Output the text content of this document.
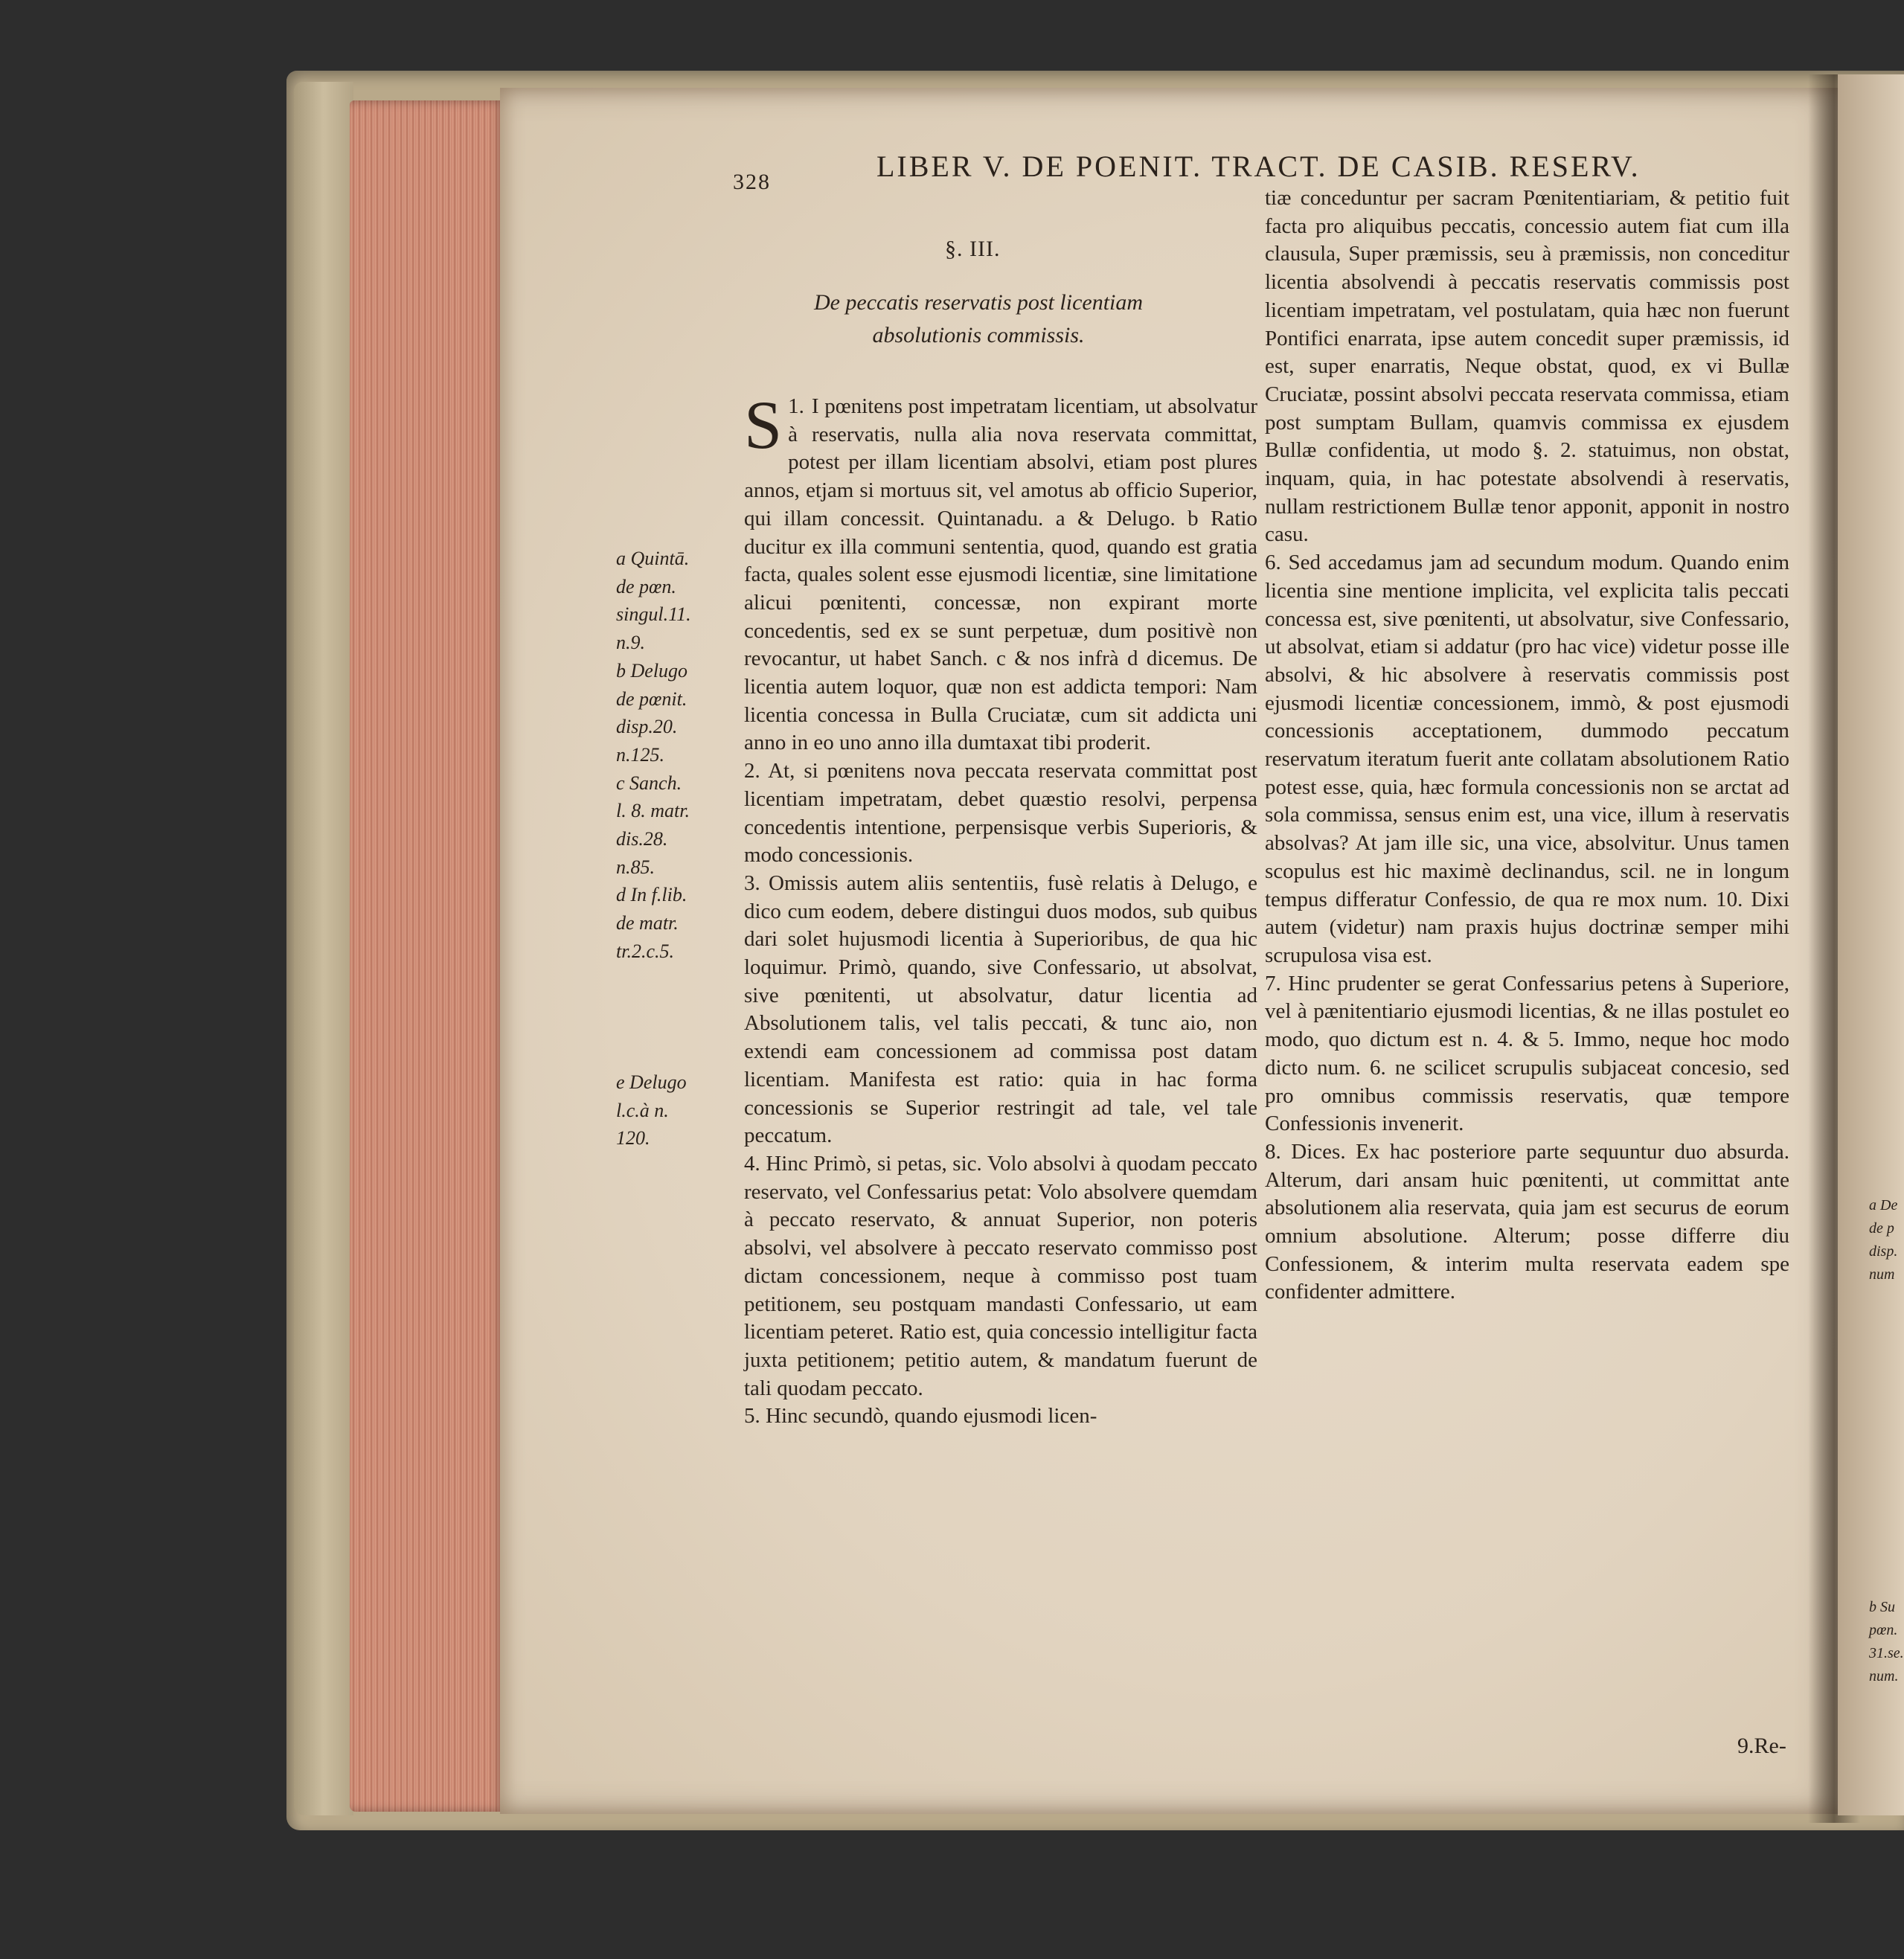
a De
de p
disp.
num
b Su
pœn.
31.se.
num.
328	LIBER V. DE POENIT. TRACT. DE CASIB. RESERV.
§. III.
De peccatis reservatis post licentiam absolutionis commissis.
a Quintā.
de pœn.
singul.11.
n.9.
b Delugo
de pœnit.
disp.20.
n.125.
c Sanch.
l. 8. matr.
dis.28.
n.85.
d In f.lib.
de matr.
tr.2.c.5.
e Delugo
l.c.à n.
120.

1.
S I pœnitens post impetratam licentiam, ut absolvatur à reservatis, nulla alia nova reservata committat, potest per illam licentiam absolvi, etiam post plures annos, etjam si mortuus sit, vel amotus ab officio Superior, qui illam concessit. Quintanadu. a & Delugo. b Ratio ducitur ex illa communi sententia, quod, quando est gratia facta, quales solent esse ejusmodi licentiæ, sine limitatione alicui pœnitenti, concessæ, non expirant morte concedentis, sed ex se sunt perpetuæ, dum positivè non revocantur, ut habet Sanch. c & nos infrà d dicemus. De licentia autem loquor, quæ non est addicta tempori: Nam licentia concessa in Bulla Cruciatæ, cum sit addicta uni anno in eo uno anno illa dumtaxat tibi proderit.

2. At, si pœnitens nova peccata reservata committat post licentiam impetratam, debet quæstio resolvi, perpensa concedentis intentione, perpensisque verbis Superioris, & modo concessionis.

3. Omissis autem aliis sententiis, fusè relatis à Delugo, e dico cum eodem, debere distingui duos modos, sub quibus dari solet hujusmodi licentia à Superioribus, de qua hic loquimur. Primò, quando, sive Confessario, ut absolvat, sive pœnitenti, ut absolvatur, datur licentia ad Absolutionem talis, vel talis peccati, & tunc aio, non extendi eam concessionem ad commissa post datam licentiam. Manifesta est ratio: quia in hac forma concessionis se Superior restringit ad tale, vel tale peccatum.

4. Hinc Primò, si petas, sic. Volo absolvi à quodam peccato reservato, vel Confessarius petat: Volo absolvere quemdam à peccato reservato, & annuat Superior, non poteris absolvi, vel absolvere à peccato reservato commisso post dictam concessionem, neque à commisso post tuam petitionem, seu postquam mandasti Confessario, ut eam licentiam peteret. Ratio est, quia concessio intelligitur facta juxta petitionem; petitio autem, & mandatum fuerunt de tali quodam peccato.

5. Hinc secundò, quando ejusmodi licen-

tiæ conceduntur per sacram Pœnitentiariam, & petitio fuit facta pro aliquibus peccatis, concessio autem fiat cum illa clausula, Super præmissis, seu à præmissis, non conceditur licentia absolvendi à peccatis reservatis commissis post licentiam impetratam, vel postulatam, quia hæc non fuerunt Pontifici enarrata, ipse autem concedit super præmissis, id est, super enarratis, Neque obstat, quod, ex vi Bullæ Cruciatæ, possint absolvi peccata reservata commissa, etiam post sumptam Bullam, quamvis commissa ex ejusdem Bullæ confidentia, ut modo §. 2. statuimus, non obstat, inquam, quia, in hac potestate absolvendi à reservatis, nullam restrictionem Bullæ tenor apponit, apponit in nostro casu.

6. Sed accedamus jam ad secundum modum. Quando enim licentia sine mentione implicita, vel explicita talis peccati concessa est, sive pœnitenti, ut absolvatur, sive Confessario, ut absolvat, etiam si addatur (pro hac vice) videtur posse ille absolvi, & hic absolvere à reservatis commissis post ejusmodi licentiæ concessionem, immò, & post ejusmodi concessionis acceptationem, dummodo peccatum reservatum iteratum fuerit ante collatam absolutionem Ratio potest esse, quia, hæc formula concessionis non se arctat ad sola commissa, sensus enim est, una vice, illum à reservatis absolvas? At jam ille sic, una vice, absolvitur. Unus tamen scopulus est hic maximè declinandus, scil. ne in longum tempus differatur Confessio, de qua re mox num. 10. Dixi autem (videtur) nam praxis hujus doctrinæ semper mihi scrupulosa visa est.

7. Hinc prudenter se gerat Confessarius petens à Superiore, vel à pænitentiario ejusmodi licentias, & ne illas postulet eo modo, quo dictum est n. 4. & 5. Immo, neque hoc modo dicto num. 6. ne scilicet scrupulis subjaceat concesio, sed pro omnibus commissis reservatis, quæ tempore Confessionis invenerit.

8. Dices. Ex hac posteriore parte sequuntur duo absurda. Alterum, dari ansam huic pœnitenti, ut committat ante absolutionem alia reservata, quia jam est securus de eorum omnium absolutione. Alterum; posse differre diu Confessionem, & interim multa reservata eadem spe confidenter admittere.

9.Re-
